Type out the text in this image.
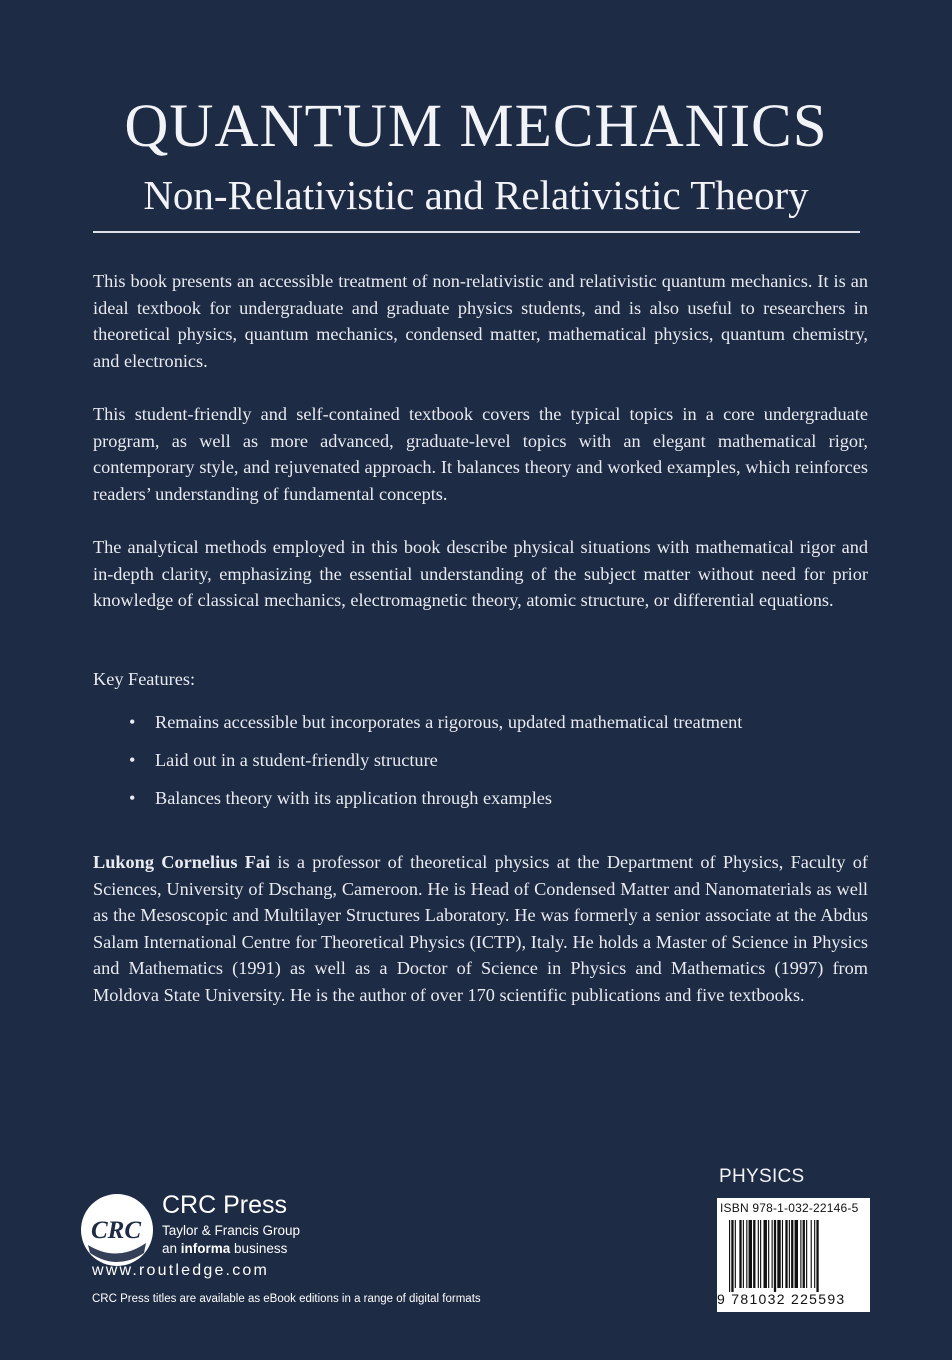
QUANTUM MECHANICS
Non-Relativistic and Relativistic Theory
This book presents an accessible treatment of non-relativistic and relativistic quantum mechanics. It is an ideal textbook for undergraduate and graduate physics students, and is also useful to researchers in theoretical physics, quantum mechanics, condensed matter, mathematical physics, quantum chemistry, and electronics.
This student-friendly and self-contained textbook covers the typical topics in a core undergraduate program, as well as more advanced, graduate-level topics with an elegant mathematical rigor, contemporary style, and rejuvenated approach. It balances theory and worked examples, which reinforces readers’ understanding of fundamental concepts.
The analytical methods employed in this book describe physical situations with mathematical rigor and in-depth clarity, emphasizing the essential understanding of the subject matter without need for prior knowledge of classical mechanics, electromagnetic theory, atomic structure, or differential equations.
Key Features:
• Remains accessible but incorporates a rigorous, updated mathematical treatment
• Laid out in a student-friendly structure
• Balances theory with its application through examples
Lukong Cornelius Fai is a professor of theoretical physics at the Department of Physics, Faculty of Sciences, University of Dschang, Cameroon. He is Head of Condensed Matter and Nanomaterials as well as the Mesoscopic and Multilayer Structures Laboratory. He was formerly a senior associate at the Abdus Salam International Centre for Theoretical Physics (ICTP), Italy. He holds a Master of Science in Physics and Mathematics (1991) as well as a Doctor of Science in Physics and Mathematics (1997) from Moldova State University. He is the author of over 170 scientific publications and five textbooks.
CRC
CRC Press
Taylor & Francis Group
an informa business
www.routledge.com
CRC Press titles are available as eBook editions in a range of digital formats
PHYSICS
ISBN 978-1-032-22146-5
9 781032 225593
